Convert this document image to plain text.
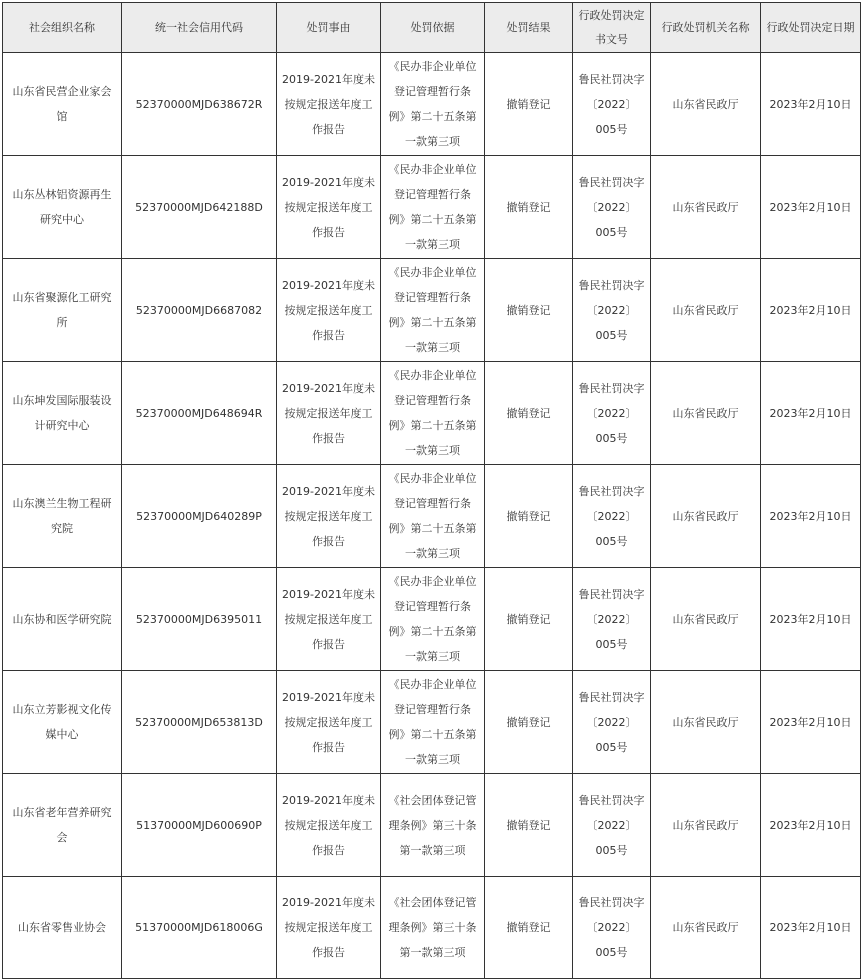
社会组织名称	统一社会信用代码	处罚事由	处罚依据	处罚结果	行政处罚决定书文号	行政处罚机关名称	行政处罚决定日期

山东省民营企业家会
馆	52370000MJD638672R	2019-2021年度未
按规定报送年度工
作报告	《民办非企业单位
登记管理暂行条
例》第二十五条第
一款第三项	撤销登记	鲁民社罚决字
〔2022〕
005号	山东省民政厅	2023年2月10日

山东丛林铝资源再生
研究中心	52370000MJD642188D	2019-2021年度未
按规定报送年度工
作报告	《民办非企业单位
登记管理暂行条
例》第二十五条第
一款第三项	撤销登记	鲁民社罚决字
〔2022〕
005号	山东省民政厅	2023年2月10日

山东省聚源化工研究
所	52370000MJD6687082	2019-2021年度未
按规定报送年度工
作报告	《民办非企业单位
登记管理暂行条
例》第二十五条第
一款第三项	撤销登记	鲁民社罚决字
〔2022〕
005号	山东省民政厅	2023年2月10日

山东坤发国际服装设
计研究中心	52370000MJD648694R	2019-2021年度未
按规定报送年度工
作报告	《民办非企业单位
登记管理暂行条
例》第二十五条第
一款第三项	撤销登记	鲁民社罚决字
〔2022〕
005号	山东省民政厅	2023年2月10日

山东澳兰生物工程研
究院	52370000MJD640289P	2019-2021年度未
按规定报送年度工
作报告	《民办非企业单位
登记管理暂行条
例》第二十五条第
一款第三项	撤销登记	鲁民社罚决字
〔2022〕
005号	山东省民政厅	2023年2月10日

山东协和医学研究院	52370000MJD6395011	2019-2021年度未
按规定报送年度工
作报告	《民办非企业单位
登记管理暂行条
例》第二十五条第
一款第三项	撤销登记	鲁民社罚决字
〔2022〕
005号	山东省民政厅	2023年2月10日

山东立芳影视文化传
媒中心	52370000MJD653813D	2019-2021年度未
按规定报送年度工
作报告	《民办非企业单位
登记管理暂行条
例》第二十五条第
一款第三项	撤销登记	鲁民社罚决字
〔2022〕
005号	山东省民政厅	2023年2月10日

山东省老年营养研究
会	51370000MJD600690P	2019-2021年度未
按规定报送年度工
作报告	《社会团体登记管
理条例》第三十条
第一款第三项	撤销登记	鲁民社罚决字
〔2022〕
005号	山东省民政厅	2023年2月10日

山东省零售业协会	51370000MJD618006G	2019-2021年度未
按规定报送年度工
作报告	《社会团体登记管
理条例》第三十条
第一款第三项	撤销登记	鲁民社罚决字
〔2022〕
005号	山东省民政厅	2023年2月10日
